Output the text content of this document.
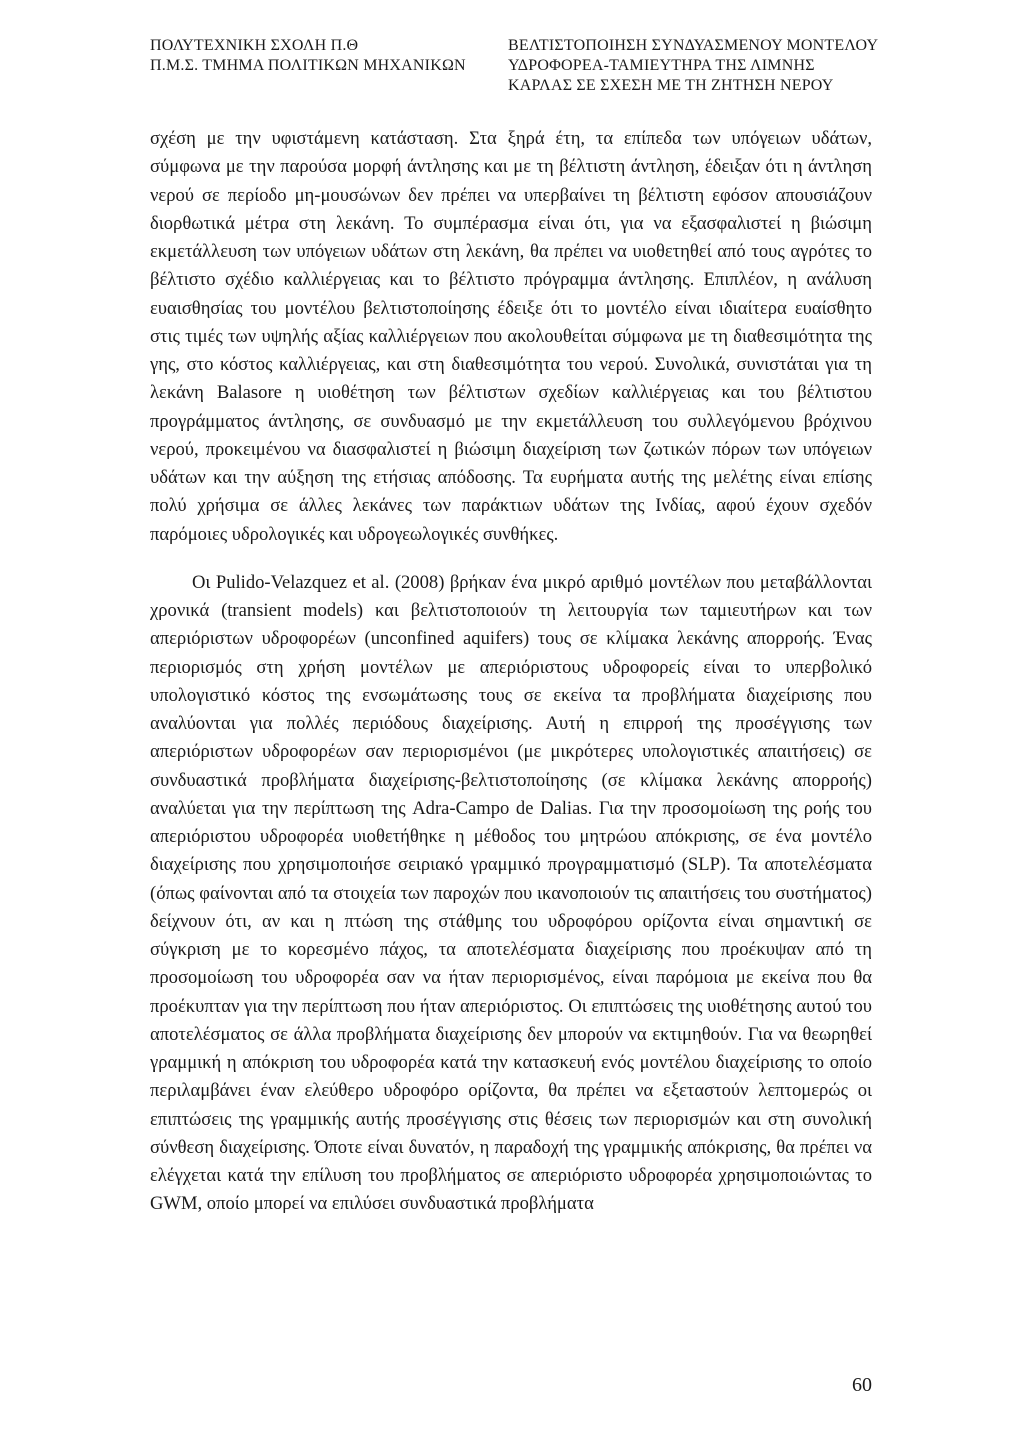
ΠΟΛΥΤΕΧΝΙΚΗ ΣΧΟΛΗ Π.Θ
Π.Μ.Σ. ΤΜΗΜΑ ΠΟΛΙΤΙΚΩΝ ΜΗΧΑΝΙΚΩΝ
ΒΕΛΤΙΣΤΟΠΟΙΗΣΗ ΣΥΝΔΥΑΣΜΕΝΟΥ ΜΟΝΤΕΛΟΥ
ΥΔΡΟΦΟΡΕΑ-ΤΑΜΙΕΥΤΗΡΑ ΤΗΣ ΛΙΜΝΗΣ
ΚΑΡΛΑΣ ΣΕ ΣΧΕΣΗ ΜΕ ΤΗ ΖΗΤΗΣΗ ΝΕΡΟΥ

σχέση με την υφιστάμενη κατάσταση. Στα ξηρά έτη, τα επίπεδα των υπόγειων υδάτων, σύμφωνα με την παρούσα μορφή άντλησης και με τη βέλτιστη άντληση, έδειξαν ότι η άντληση νερού σε περίοδο μη-μουσώνων δεν πρέπει να υπερβαίνει τη βέλτιστη εφόσον απουσιάζουν διορθωτικά μέτρα στη λεκάνη. Το συμπέρασμα είναι ότι, για να εξασφαλιστεί η βιώσιμη εκμετάλλευση των υπόγειων υδάτων στη λεκάνη, θα πρέπει να υιοθετηθεί από τους αγρότες το βέλτιστο σχέδιο καλλιέργειας και το βέλτιστο πρόγραμμα άντλησης. Επιπλέον, η ανάλυση ευαισθησίας του μοντέλου βελτιστοποίησης έδειξε ότι το μοντέλο είναι ιδιαίτερα ευαίσθητο στις τιμές των υψηλής αξίας καλλιέργειων που ακολουθείται σύμφωνα με τη διαθεσιμότητα της γης, στο κόστος καλλιέργειας, και στη διαθεσιμότητα του νερού. Συνολικά, συνιστάται για τη λεκάνη Balasore η υιοθέτηση των βέλτιστων σχεδίων καλλιέργειας και του βέλτιστου προγράμματος άντλησης, σε συνδυασμό με την εκμετάλλευση του συλλεγόμενου βρόχινου νερού, προκειμένου να διασφαλιστεί η βιώσιμη διαχείριση των ζωτικών πόρων των υπόγειων υδάτων και την αύξηση της ετήσιας απόδοσης. Τα ευρήματα αυτής της μελέτης είναι επίσης πολύ χρήσιμα σε άλλες λεκάνες των παράκτιων υδάτων της Ινδίας, αφού έχουν σχεδόν παρόμοιες υδρολογικές και υδρογεωλογικές συνθήκες.

Οι Pulido-Velazquez et al. (2008) βρήκαν ένα μικρό αριθμό μοντέλων που μεταβάλλονται χρονικά (transient models) και βελτιστοποιούν τη λειτουργία των ταμιευτήρων και των απεριόριστων υδροφορέων (unconfined aquifers) τους σε κλίμακα λεκάνης απορροής. Ένας περιορισμός στη χρήση μοντέλων με απεριόριστους υδροφορείς είναι το υπερβολικό υπολογιστικό κόστος της ενσωμάτωσης τους σε εκείνα τα προβλήματα διαχείρισης που αναλύονται για πολλές περιόδους διαχείρισης. Αυτή η επιρροή της προσέγγισης των απεριόριστων υδροφορέων σαν περιορισμένοι (με μικρότερες υπολογιστικές απαιτήσεις) σε συνδυαστικά προβλήματα διαχείρισης-βελτιστοποίησης (σε κλίμακα λεκάνης απορροής) αναλύεται για την περίπτωση της Adra-Campo de Dalias. Για την προσομοίωση της ροής του απεριόριστου υδροφορέα υιοθετήθηκε η μέθοδος του μητρώου απόκρισης, σε ένα μοντέλο διαχείρισης που χρησιμοποιήσε σειριακό γραμμικό προγραμματισμό (SLP). Τα αποτελέσματα (όπως φαίνονται από τα στοιχεία των παροχών που ικανοποιούν τις απαιτήσεις του συστήματος) δείχνουν ότι, αν και η πτώση της στάθμης του υδροφόρου ορίζοντα είναι σημαντική σε σύγκριση με το κορεσμένο πάχος, τα αποτελέσματα διαχείρισης που προέκυψαν από τη προσομοίωση του υδροφορέα σαν να ήταν περιορισμένος, είναι παρόμοια με εκείνα που θα προέκυπταν για την περίπτωση που ήταν απεριόριστος. Οι επιπτώσεις της υιοθέτησης αυτού του αποτελέσματος σε άλλα προβλήματα διαχείρισης δεν μπορούν να εκτιμηθούν. Για να θεωρηθεί γραμμική η απόκριση του υδροφορέα κατά την κατασκευή ενός μοντέλου διαχείρισης το οποίο περιλαμβάνει έναν ελεύθερο υδροφόρο ορίζοντα, θα πρέπει να εξεταστούν λεπτομερώς οι επιπτώσεις της γραμμικής αυτής προσέγγισης στις θέσεις των περιορισμών και στη συνολική σύνθεση διαχείρισης. Όποτε είναι δυνατόν, η παραδοχή της γραμμικής απόκρισης, θα πρέπει να ελέγχεται κατά την επίλυση του προβλήματος σε απεριόριστο υδροφορέα χρησιμοποιώντας το GWM, οποίο μπορεί να επιλύσει συνδυαστικά προβλήματα

60
